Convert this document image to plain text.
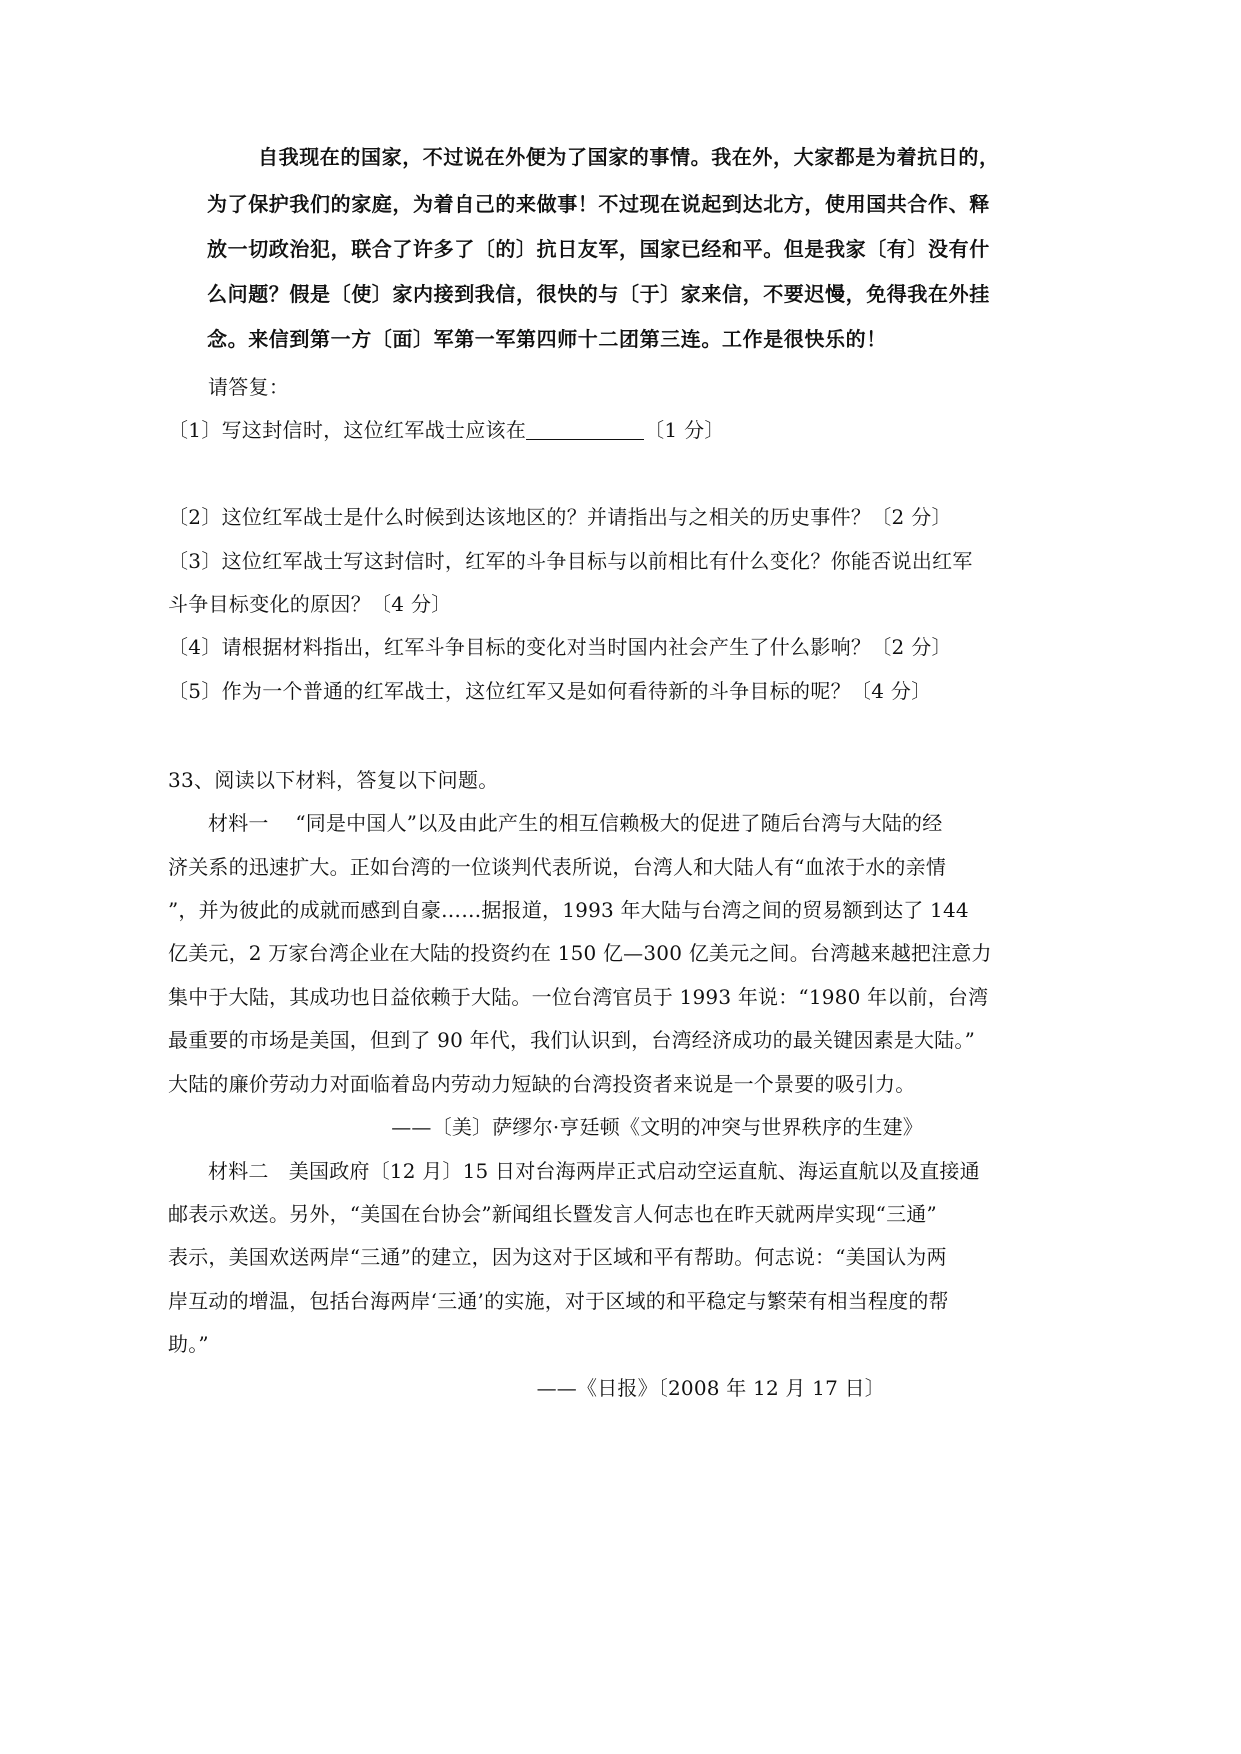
自我现在的国家，不过说在外便为了国家的事情。我在外，大家都是为着抗日的，
为了保护我们的家庭，为着自己的来做事！不过现在说起到达北方，使用国共合作、释
放一切政治犯，联合了许多了〔的〕抗日友军，国家已经和平。但是我家〔有〕没有什
么问题？假是〔使〕家内接到我信，很快的与〔于〕家来信，不要迟慢，免得我在外挂
念。来信到第一方〔面〕军第一军第四师十二团第三连。工作是很快乐的！
请答复：
〔1〕写这封信时，这位红军战士应该在	〔1 分〕
〔2〕这位红军战士是什么时候到达该地区的？并请指出与之相关的历史事件？〔2 分〕
〔3〕这位红军战士写这封信时，红军的斗争目标与以前相比有什么变化？你能否说出红军
斗争目标变化的原因？〔4 分〕
〔4〕请根据材料指出，红军斗争目标的变化对当时国内社会产生了什么影响？〔2 分〕
〔5〕作为一个普通的红军战士，这位红军又是如何看待新的斗争目标的呢？〔4 分〕
33、阅读以下材料，答复以下问题。
材料一　 “同是中国人”以及由此产生的相互信赖极大的促进了随后台湾与大陆的经
济关系的迅速扩大。正如台湾的一位谈判代表所说，台湾人和大陆人有“血浓于水的亲情
”，并为彼此的成就而感到自豪……据报道，1993 年大陆与台湾之间的贸易额到达了 144
亿美元，2 万家台湾企业在大陆的投资约在 150 亿—300 亿美元之间。台湾越来越把注意力
集中于大陆，其成功也日益依赖于大陆。一位台湾官员于 1993 年说：“1980 年以前，台湾
最重要的市场是美国，但到了 90 年代，我们认识到，台湾经济成功的最关键因素是大陆。”
大陆的廉价劳动力对面临着岛内劳动力短缺的台湾投资者来说是一个景要的吸引力。
——〔美〕萨缪尔·亨廷顿《文明的冲突与世界秩序的生建》
材料二　美国政府〔12 月〕15 日对台海两岸正式启动空运直航、海运直航以及直接通
邮表示欢送。另外，“美国在台协会”新闻组长暨发言人何志也在昨天就两岸实现“三通”
表示，美国欢送两岸“三通”的建立，因为这对于区域和平有帮助。何志说：“美国认为两
岸互动的增温，包括台海两岸‘三通’的实施，对于区域的和平稳定与繁荣有相当程度的帮
助。”
——《日报》〔2008 年 12 月 17 日〕
